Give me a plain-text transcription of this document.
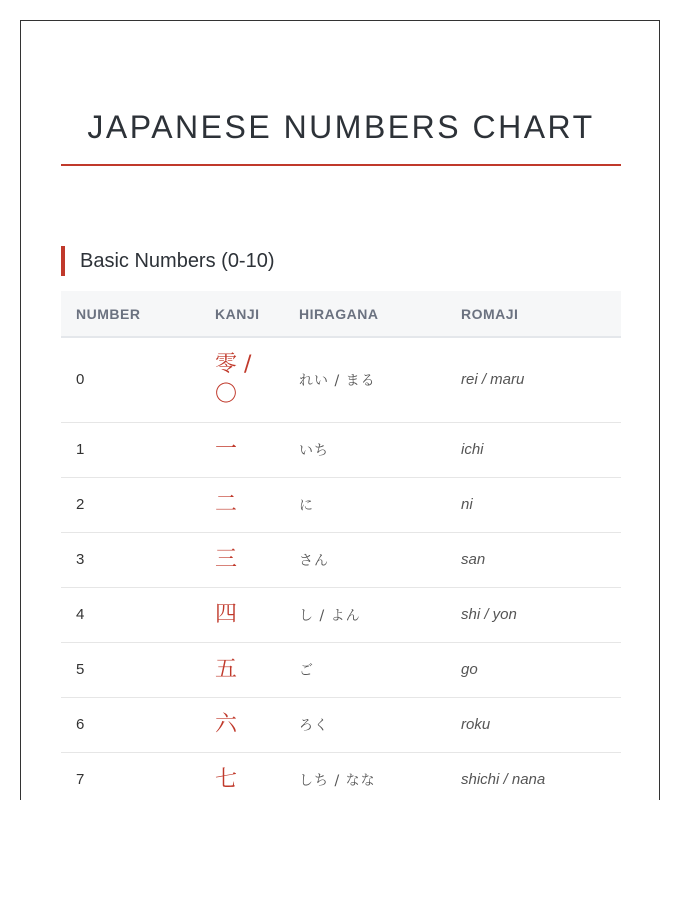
JAPANESE NUMBERS CHART
Basic Numbers (0-10)
NUMBER	KANJI	HIRAGANA	ROMAJI
0	零 / 〇	れい / まる	rei / maru
1	一	いち	ichi
2	二	に	ni
3	三	さん	san
4	四	し / よん	shi / yon
5	五	ご	go
6	六	ろく	roku
7	七	しち / なな	shichi / nana
